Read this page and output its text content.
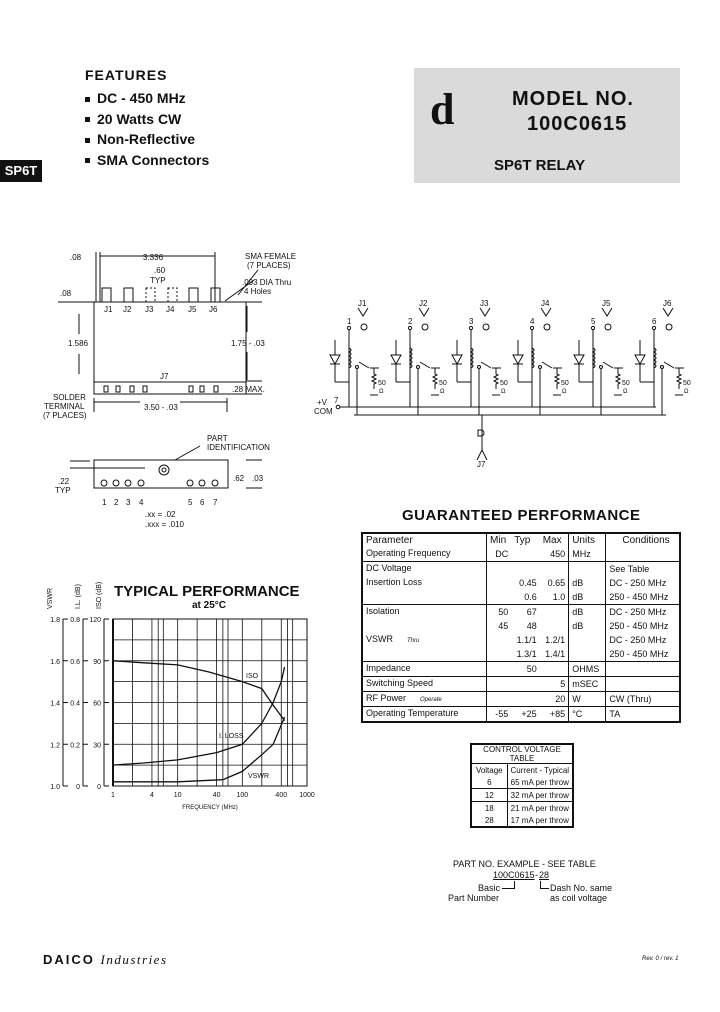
.08	3.336
.60
TYP
.08
1.586	1.75 - .03
.28 MAX.
3.50 - .03
.22
TYP
.62 .03
J1 J2 J3 J4 J5 J6
J7
SMA FEMALE
(7 PLACES)
.093 DIA Thru
4 Holes
SOLDER
TERMINAL
(7 PLACES)
PART
IDENTIFICATION
1 2 3 4	5 6 7
.xx = .02
.xxx = .010
J1
1
50
Ω
J2
2
50
Ω
J3
3
50
Ω
J4
4
50
Ω
J5
5
50
Ω
J6
6
50
Ω
+V
COM
7
J7
1	4	10	40 100	400 1000
FREQUENCY (MHz)
1.0
1.2
1.4
1.6
1.8
VSWR
0
0.2
0.4
0.6
0.8
I.L. (dB)
0
30
60
90
120
ISO (dB)
ISO
I. LOSS
VSWR
FEATURES
DC - 450 MHz
20 Watts CW
Non-Reflective
SMA Connectors
SP6T
d	MODEL NO.
100C0615
SP6T RELAY
GUARANTEED PERFORMANCE
Parameter	Min	Typ	Max	Units	Conditions
Operating Frequency	DC		450	MHz	
DC Voltage					See Table
Insertion Loss		0.45	0.65	dB	DC - 250 MHz
		0.6	1.0	dB	250 - 450 MHz
Isolation	50	67		dB	DC - 250 MHz
	45	48		dB	250 - 450 MHz
VSWR Thru		1.1/1	1.2/1		DC - 250 MHz
		1.3/1	1.4/1		250 - 450 MHz
Impedance		50		OHMS	
Switching Speed			5	mSEC	
RF Power Operate			20	W	CW (Thru)
Operating Temperature	-55	+25	+85	°C	TA
CONTROL VOLTAGE TABLE	
Voltage	Current - Typical
6	65 mA per throw
12	32 mA per throw
18	21 mA per throw
28	17 mA per throw
PART NO. EXAMPLE - SEE TABLE
100C0615 - 28
Basic
Part Number
Dash No. same
as coil voltage
TYPICAL PERFORMANCE
at 25°C
DAICO Industries	Rev. 0 / rev. 1
